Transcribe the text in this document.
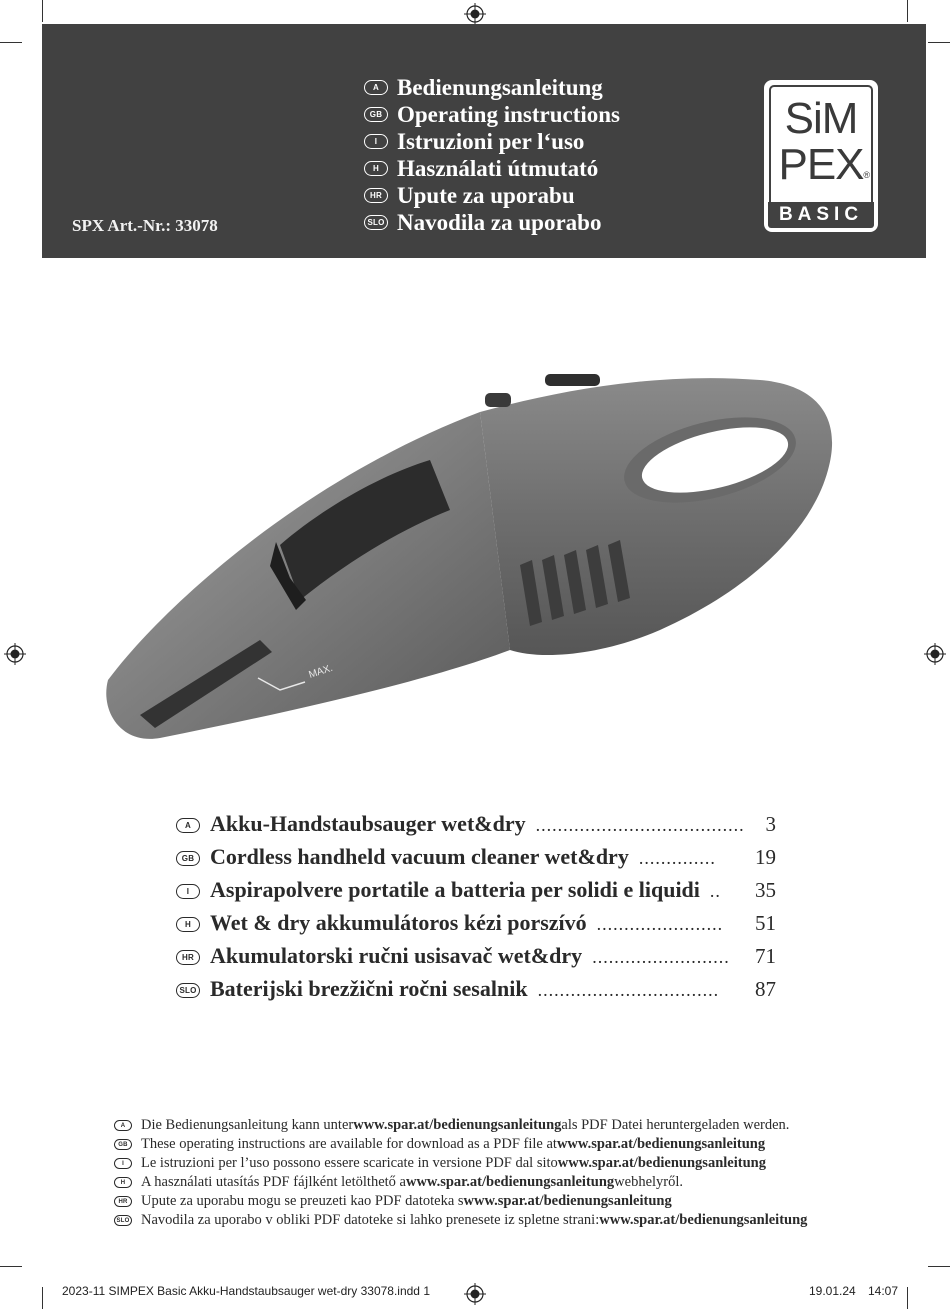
SPX Art.-Nr.: 33078
A Bedienungsanleitung
GB Operating instructions
I Istruzioni per l‘uso
H Használati útmutató
HR Upute za uporabu
SLO Navodila za uporabo
SiM
PEX ®
BASIC
MAX.
A Akku-Handstaubsauger wet&dry ...................................... 3
GB Cordless handheld vacuum cleaner wet&dry ..............	19
I Aspirapolvere portatile a batteria per solidi e liquidi ..	35
H Wet & dry akkumulátoros kézi porszívó .......................	51
HR Akumulatorski ručni usisavač wet&dry .........................	71
SLO Baterijski brezžični ročni sesalnik .................................	87
A	Die Bedienungsanleitung kann unter www.spar.at/bedienungsanleitung als PDF Datei heruntergeladen werden.
GB These operating instructions are available for download as a PDF file at www.spar.at/bedienungsanleitung
I	Le istruzioni per l’uso possono essere scaricate in versione PDF dal sito www.spar.at/bedienungsanleitung
H	A használati utasítás PDF fájlként letölthető a www.spar.at/bedienungsanleitung webhelyről.
HR Upute za uporabu mogu se preuzeti kao PDF datoteka s www.spar.at/bedienungsanleitung
SLO Navodila za uporabo v obliki PDF datoteke si lahko prenesete iz spletne strani: www.spar.at/bedienungsanleitung
2023-11 SIMPEX Basic Akku-Handstaubsauger wet-dry 33078.indd 1	19.01.24 14:07
